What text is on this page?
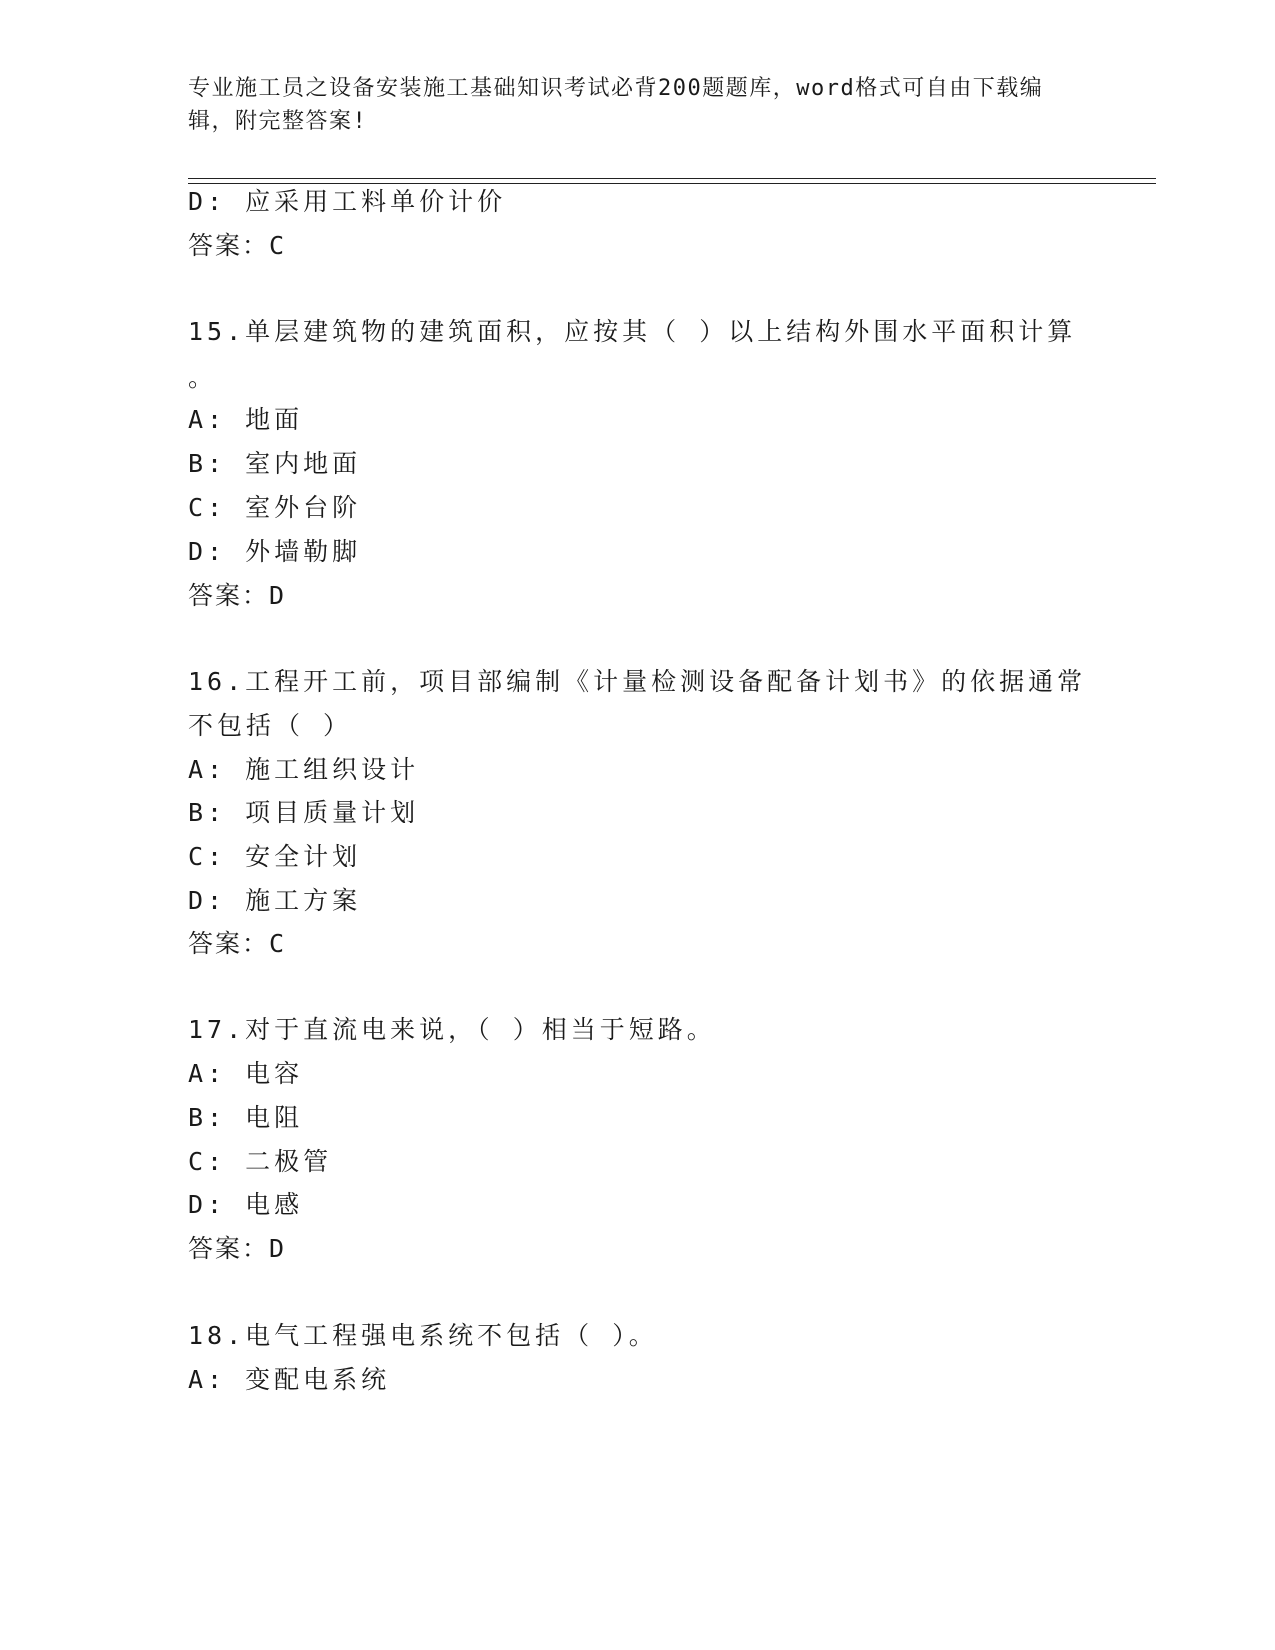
专业施工员之设备安装施工基础知识考试必背200题题库，word格式可自由下载编辑，附完整答案!
D: 应采用工料单价计价
答案：C
15.单层建筑物的建筑面积，应按其（ ）以上结构外围水平面积计算
。
A: 地面
B: 室内地面
C: 室外台阶
D: 外墙勒脚
答案：D
16.工程开工前，项目部编制《计量检测设备配备计划书》的依据通常
不包括（ ）
A: 施工组织设计
B: 项目质量计划
C: 安全计划
D: 施工方案
答案：C
17.对于直流电来说，（ ）相当于短路。
A: 电容
B: 电阻
C: 二极管
D: 电感
答案：D
18.电气工程强电系统不包括（ ）。
A: 变配电系统
